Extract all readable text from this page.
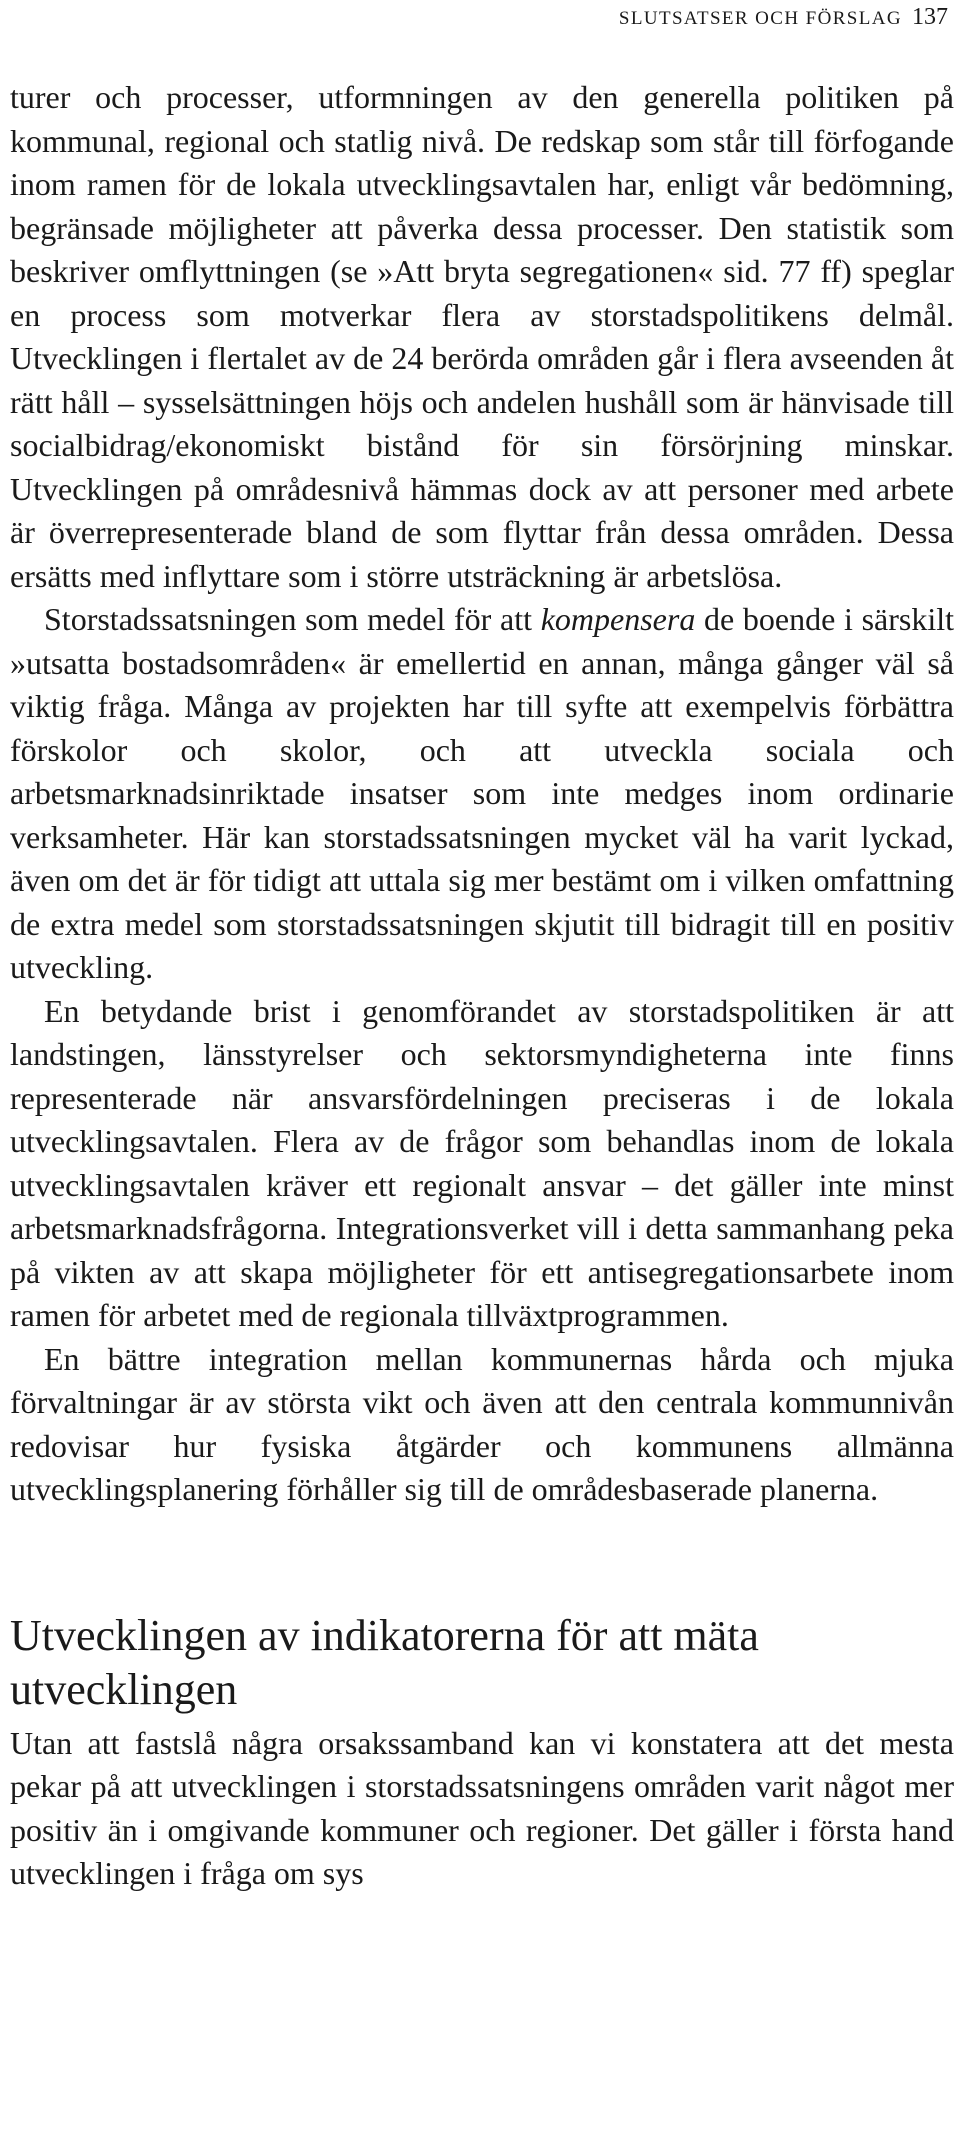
SLUTSATSER OCH FÖRSLAG 137

turer och processer, utformningen av den generella politiken på kommunal, regional och statlig nivå. De redskap som står till förfogande inom ramen för de lokala utvecklingsavtalen har, enligt vår bedömning, begränsade möjligheter att påverka dessa processer. Den statistik som beskriver omflyttningen (se »Att bryta segregationen« sid. 77 ff) speglar en process som motverkar flera av storstadspolitikens delmål. Utvecklingen i flertalet av de 24 berörda områden går i flera avseenden åt rätt håll – sysselsättningen höjs och andelen hushåll som är hänvisade till socialbidrag/ekonomiskt bistånd för sin försörjning minskar. Utvecklingen på områdesnivå hämmas dock av att personer med arbete är överrepresenterade bland de som flyttar från dessa områden. Dessa ersätts med inflyttare som i större utsträckning är arbetslösa.

Storstadssatsningen som medel för att kompensera de boende i särskilt »utsatta bostadsområden« är emellertid en annan, många gånger väl så viktig fråga. Många av projekten har till syfte att exempelvis förbättra förskolor och skolor, och att utveckla sociala och arbetsmarknadsinriktade insatser som inte medges inom ordinarie verksamheter. Här kan storstadssatsningen mycket väl ha varit lyckad, även om det är för tidigt att uttala sig mer bestämt om i vilken omfattning de extra medel som storstadssatsningen skjutit till bidragit till en positiv utveckling.

En betydande brist i genomförandet av storstadspolitiken är att landstingen, länsstyrelser och sektorsmyndigheterna inte finns representerade när ansvarsfördelningen preciseras i de lokala utvecklingsavtalen. Flera av de frågor som behandlas inom de lokala utvecklingsavtalen kräver ett regionalt ansvar – det gäller inte minst arbetsmarknadsfrågorna. Integrationsverket vill i detta sammanhang peka på vikten av att skapa möjligheter för ett antisegregationsarbete inom ramen för arbetet med de regionala tillväxtprogrammen.

En bättre integration mellan kommunernas hårda och mjuka förvaltningar är av största vikt och även att den centrala kommunnivån redovisar hur fysiska åtgärder och kommunens allmänna utvecklingsplanering förhåller sig till de områdesbaserade planerna.

Utvecklingen av indikatorerna för att mäta utvecklingen

Utan att fastslå några orsakssamband kan vi konstatera att det mesta pekar på att utvecklingen i storstadssatsningens områden varit något mer positiv än i omgivande kommuner och regioner. Det gäller i första hand utvecklingen i fråga om sys
